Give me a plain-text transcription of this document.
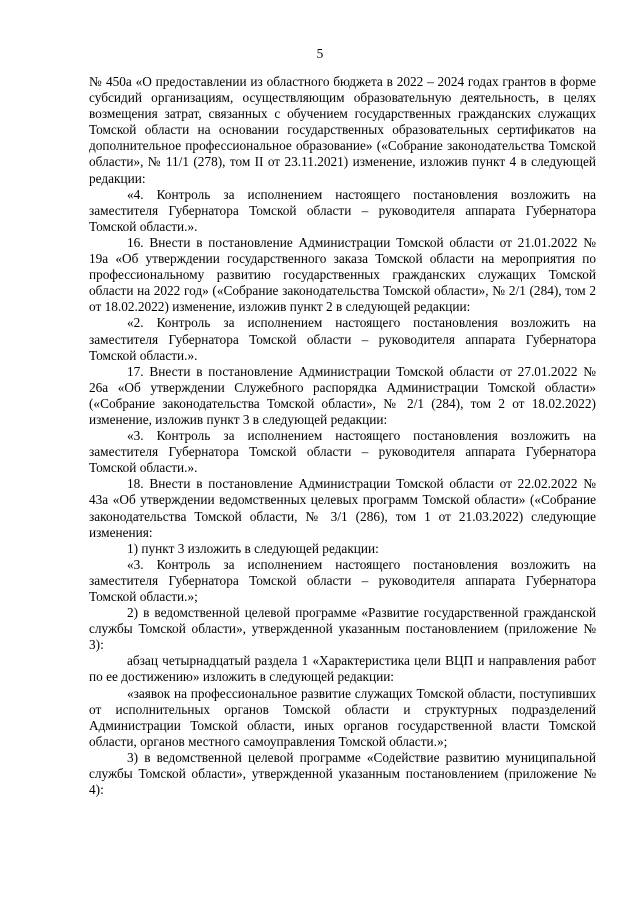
5

№ 450а «О предоставлении из областного бюджета в 2022 – 2024 годах грантов в форме субсидий организациям, осуществляющим образовательную деятельность, в целях возмещения затрат, связанных с обучением государственных гражданских служащих Томской области на основании государственных образовательных сертификатов на дополнительное профессиональное образование» («Собрание законодательства Томской области», № 11/1 (278), том II от 23.11.2021) изменение, изложив пункт 4 в следующей редакции:

«4. Контроль за исполнением настоящего постановления возложить на заместителя Губернатора Томской области – руководителя аппарата Губернатора Томской области.».

16. Внести в постановление Администрации Томской области от 21.01.2022 № 19а «Об утверждении государственного заказа Томской области на мероприятия по профессиональному развитию государственных гражданских служащих Томской области на 2022 год» («Собрание законодательства Томской области», № 2/1 (284), том 2 от 18.02.2022) изменение, изложив пункт 2 в следующей редакции:

«2. Контроль за исполнением настоящего постановления возложить на заместителя Губернатора Томской области – руководителя аппарата Губернатора Томской области.».

17. Внести в постановление Администрации Томской области от 27.01.2022 № 26а «Об утверждении Служебного распорядка Администрации Томской области» («Собрание законодательства Томской области», № 2/1 (284), том 2 от 18.02.2022) изменение, изложив пункт 3 в следующей редакции:

«3. Контроль за исполнением настоящего постановления возложить на заместителя Губернатора Томской области – руководителя аппарата Губернатора Томской области.».

18. Внести в постановление Администрации Томской области от 22.02.2022 № 43а «Об утверждении ведомственных целевых программ Томской области» («Собрание законодательства Томской области, № 3/1 (286), том 1 от 21.03.2022) следующие изменения:

1) пункт 3 изложить в следующей редакции:

«3. Контроль за исполнением настоящего постановления возложить на заместителя Губернатора Томской области – руководителя аппарата Губернатора Томской области.»;

2) в ведомственной целевой программе «Развитие государственной гражданской службы Томской области», утвержденной указанным постановлением (приложение № 3):

абзац четырнадцатый раздела 1 «Характеристика цели ВЦП и направления работ по ее достижению» изложить в следующей редакции:

«заявок на профессиональное развитие служащих Томской области, поступивших от исполнительных органов Томской области и структурных подразделений Администрации Томской области, иных органов государственной власти Томской области, органов местного самоуправления Томской области.»;

3) в ведомственной целевой программе «Содействие развитию муниципальной службы Томской области», утвержденной указанным постановлением (приложение № 4):
